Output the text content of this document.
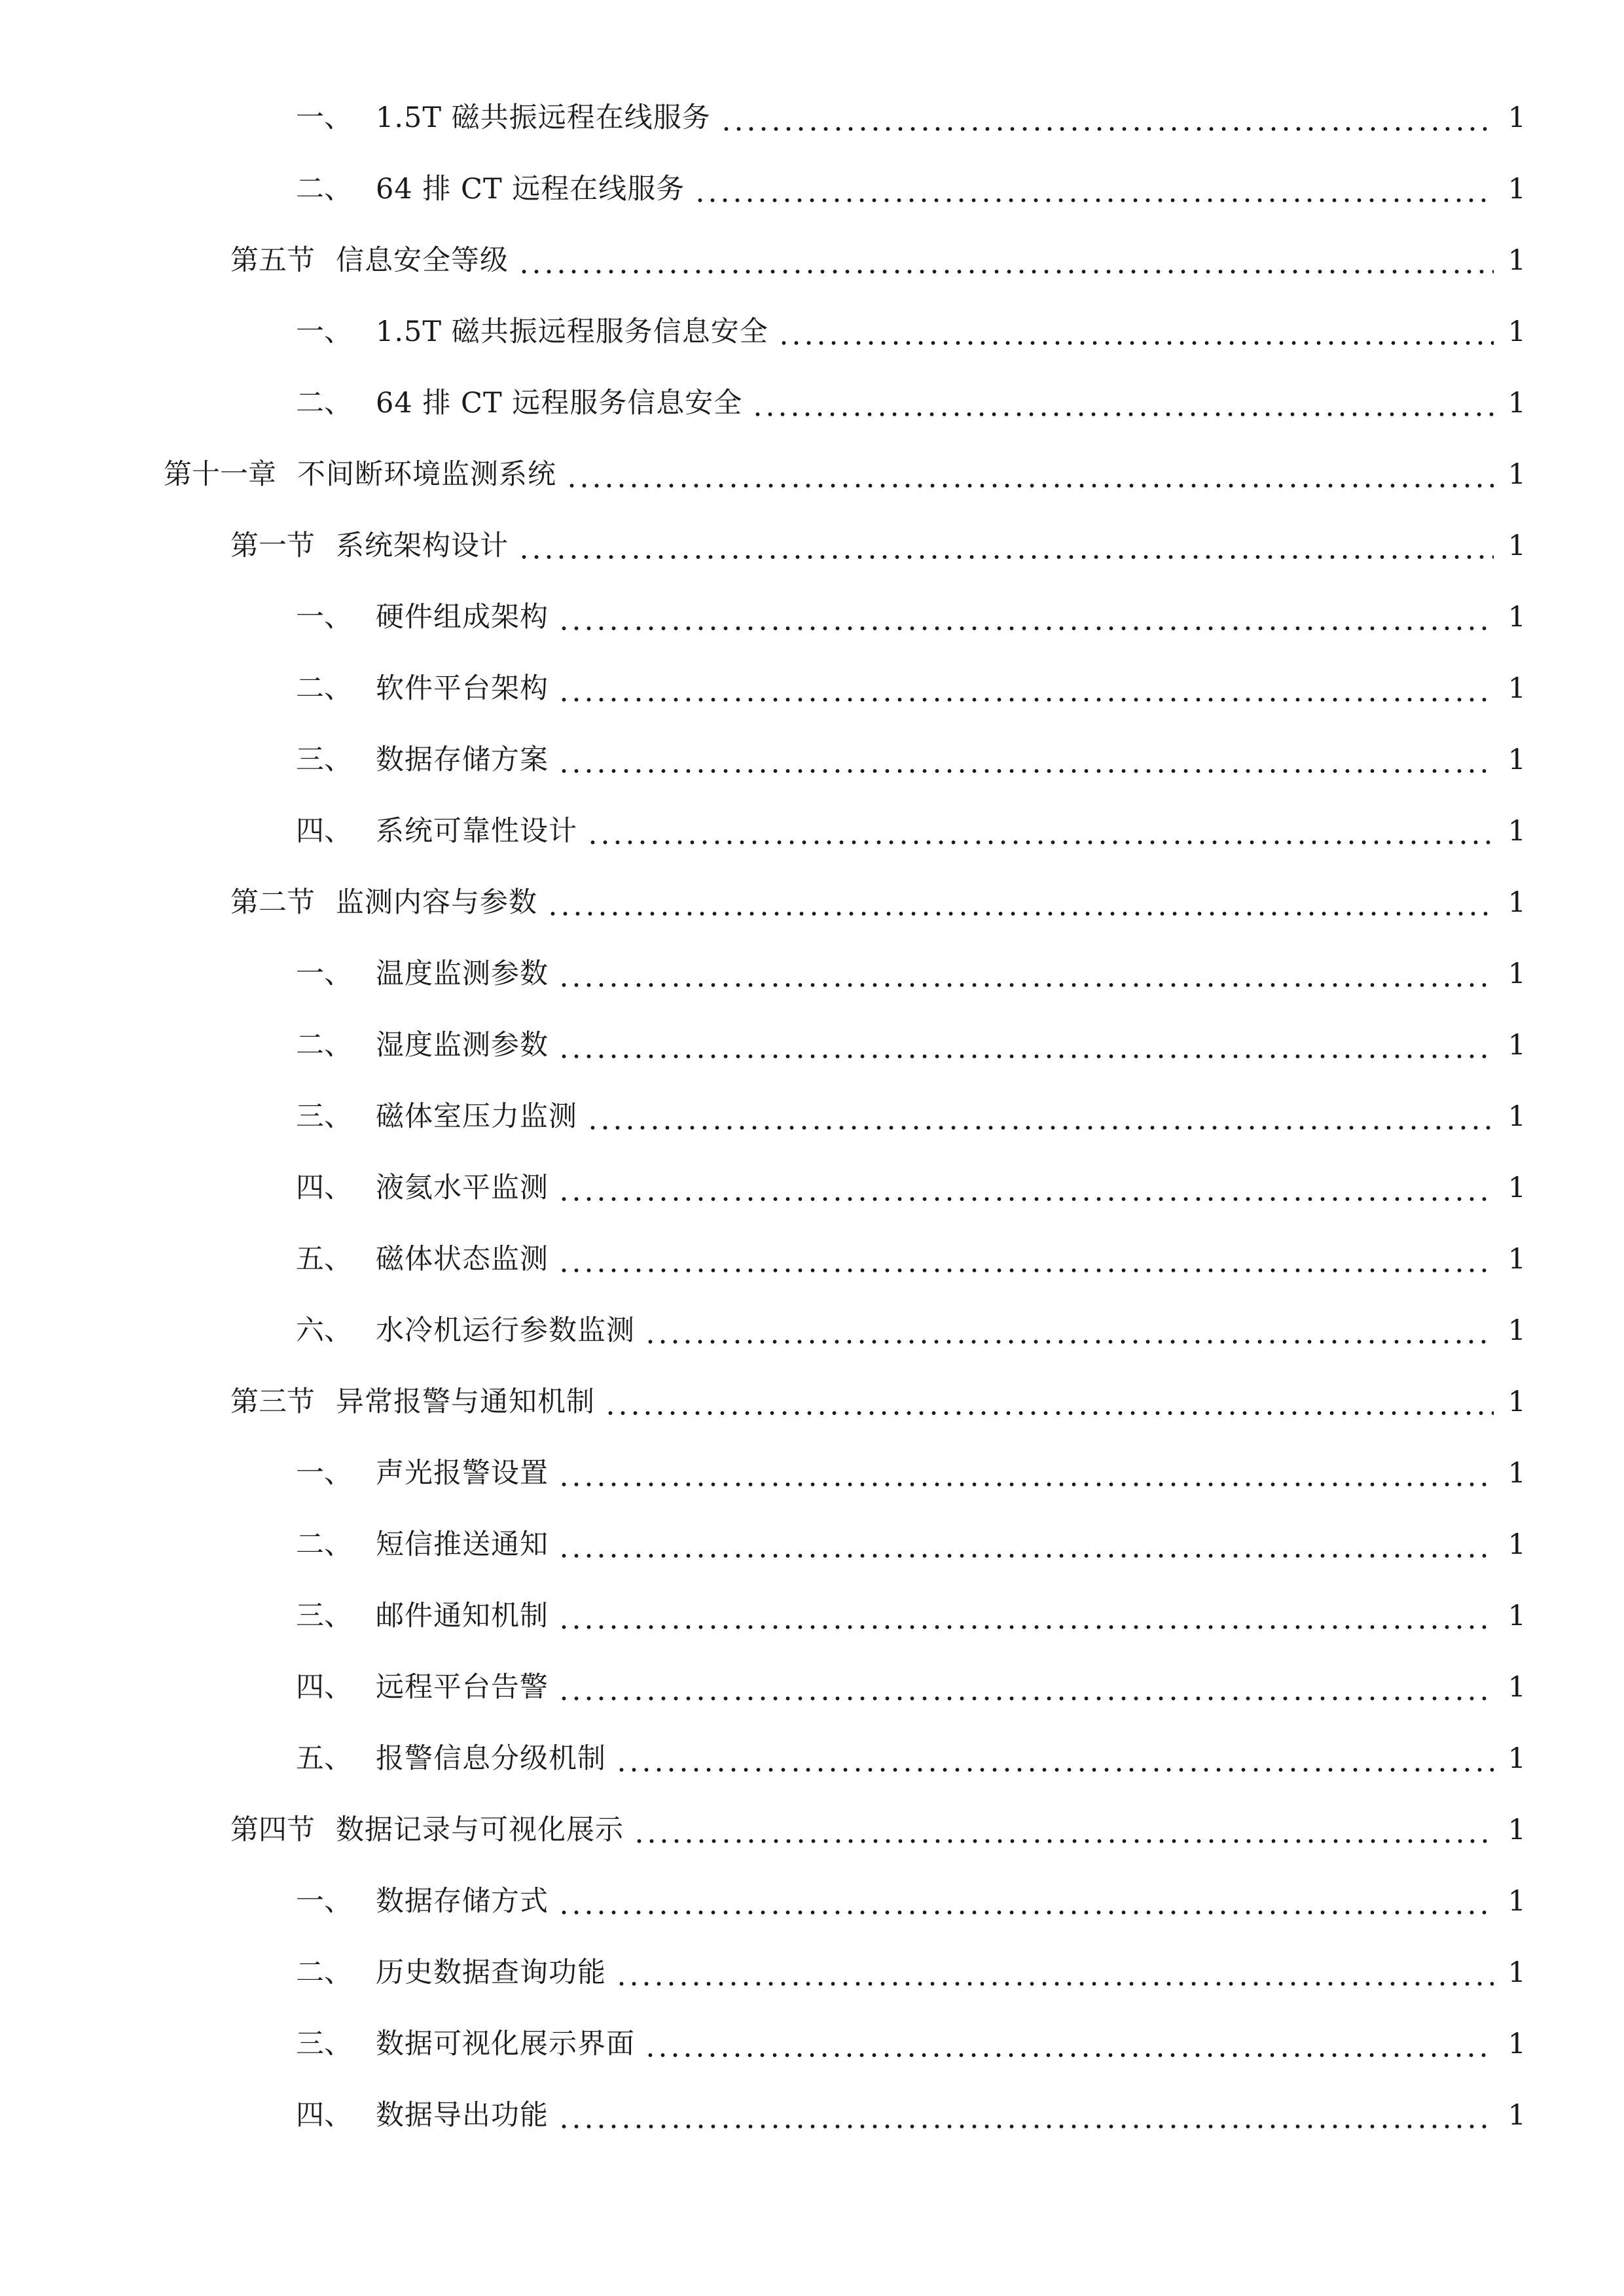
一、 1.5T 磁共振远程在线服务	1
二、 64 排 CT 远程在线服务	1
第五节 信息安全等级	1
一、 1.5T 磁共振远程服务信息安全	1
二、 64 排 CT 远程服务信息安全	1
第十一章 不间断环境监测系统	1
第一节 系统架构设计	1
一、 硬件组成架构	1
二、 软件平台架构	1
三、 数据存储方案	1
四、 系统可靠性设计	1
第二节 监测内容与参数	1
一、 温度监测参数	1
二、 湿度监测参数	1
三、 磁体室压力监测	1
四、 液氦水平监测	1
五、 磁体状态监测	1
六、 水冷机运行参数监测	1
第三节 异常报警与通知机制	1
一、 声光报警设置	1
二、 短信推送通知	1
三、 邮件通知机制	1
四、 远程平台告警	1
五、 报警信息分级机制	1
第四节 数据记录与可视化展示	1
一、 数据存储方式	1
二、 历史数据查询功能	1
三、 数据可视化展示界面	1
四、 数据导出功能	1
